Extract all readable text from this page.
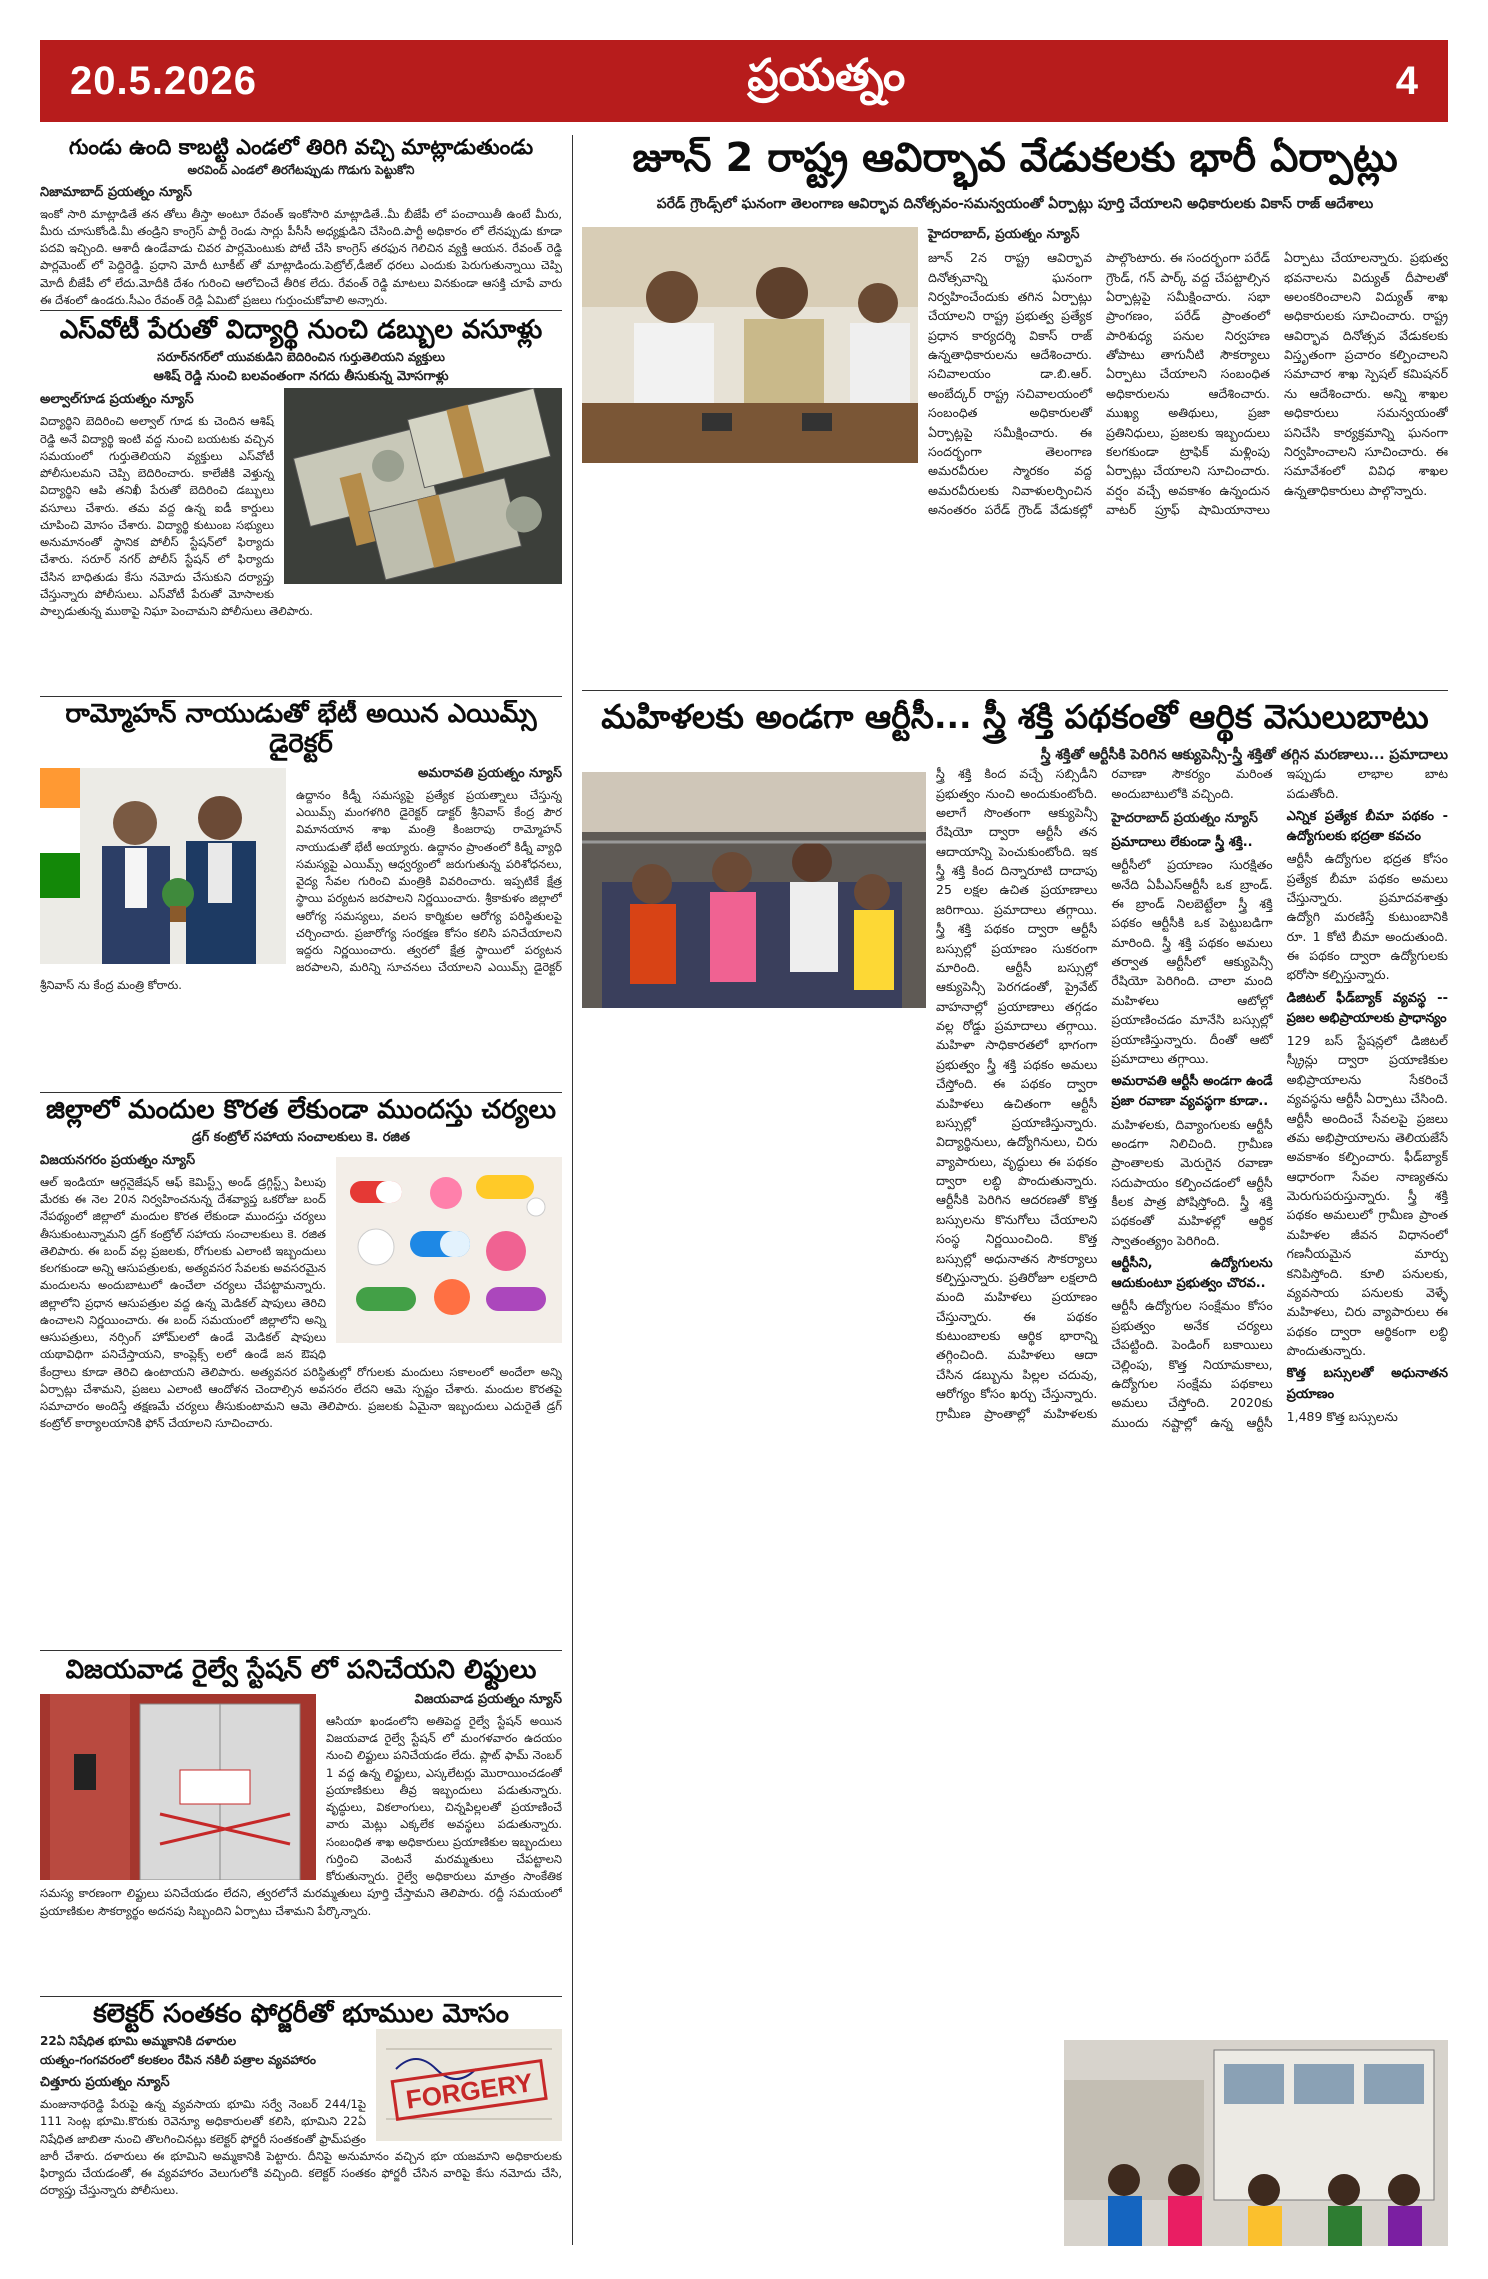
20.5.2026	ప్రయత్నం	4
గుండు ఉంది కాబట్టి ఎండలో తిరిగి వచ్చి మాట్లాడుతుండు
అరవింద్ ఎండలో తిరగేటప్పుడు గొడుగు పెట్టుకోని
నిజామాబాద్ ప్రయత్నం న్యూస్
ఇంకో సారి మాట్లాడితే తన తోలు తీస్తా అంటూ రేవంత్ ఇంకోసారి మాట్లాడితే..మీ బీజేపీ లో పంచాయితీ ఉంటే మీరు, మీరు చూసుకోండి.మీ తండ్రిని కాంగ్రెస్ పార్టీ రెండు సార్లు పీసీసీ అధ్యక్షుడిని చేసింది.పార్టీ అధికారం లో లేనప్పుడు కూడా పదవి ఇచ్చింది. ఆశాదీ ఉండేవాడు చివర పార్లమెంటుకు పోటీ చేసి కాంగ్రెస్ తరఫున గెలిచిన వ్యక్తి ఆయన. రేవంత్ రెడ్డి పార్లమెంట్ లో పెద్దిరెడ్డి. ప్రధాని మోదీ టూకీట్ తో మాట్లాడిందు.పెట్రోల్,డీజిల్ ధరలు ఎందుకు పెరుగుతున్నాయి చెప్పి మోదీ బీజేపీ లో లేదు.మోదీకి దేశం గురించి ఆలోచించే తీరిక లేదు. రేవంత్ రెడ్డి మాటలు వినకుండా ఆసక్తి చూపే వారు ఈ దేశంలో ఉండరు.సీఎం రేవంత్ రెడ్డి ఏమిటో ప్రజలు గుర్తుంచుకోవాలి అన్నారు.
ఎస్‌వోటీ పేరుతో విద్యార్థి నుంచి డబ్బుల వసూళ్లు
సరూర్‌నగర్‌లో యువకుడిని బెదిరించిన గుర్తుతెలియని వ్యక్తులు
ఆశిష్ రెడ్డి నుంచి బలవంతంగా నగదు తీసుకున్న మోసగాళ్లు
అల్వాల్‌గూడ ప్రయత్నం న్యూస్
విద్యార్థిని బెదిరించి అల్వాల్ గూడ కు చెందిన ఆశిష్ రెడ్డి అనే విద్యార్థి ఇంటి వద్ద నుంచి బయటకు వచ్చిన సమయంలో గుర్తుతెలియని వ్యక్తులు ఎస్‌వోటీ పోలీసులమని చెప్పి బెదిరించారు. కాలేజీకి వెళ్తున్న విద్యార్థిని ఆపి తనిఖీ పేరుతో బెదిరించి డబ్బులు వసూలు చేశారు. తమ వద్ద ఉన్న ఐడీ కార్డులు చూపించి మోసం చేశారు. విద్యార్థి కుటుంబ సభ్యులు అనుమానంతో స్థానిక పోలీస్ స్టేషన్‌లో ఫిర్యాదు చేశారు. సరూర్ నగర్ పోలీస్ స్టేషన్ లో ఫిర్యాదు చేసిన బాధితుడు కేసు నమోదు చేసుకుని దర్యాప్తు చేస్తున్నారు పోలీసులు. ఎస్‌వోటీ పేరుతో మోసాలకు పాల్పడుతున్న ముఠాపై నిఘా పెంచామని పోలీసులు తెలిపారు.
రామ్మోహన్ నాయుడుతో భేటీ అయిన ఎయిమ్స్ డైరెక్టర్
అమరావతి ప్రయత్నం న్యూస్
ఉద్దానం కిడ్నీ సమస్యపై ప్రత్యేక ప్రయత్నాలు చేస్తున్న ఎయిమ్స్ మంగళగిరి డైరెక్టర్ డాక్టర్ శ్రీనివాస్ కేంద్ర పౌర విమానయాన శాఖ మంత్రి కింజరాపు రామ్మోహన్ నాయుడుతో భేటీ అయ్యారు. ఉద్దానం ప్రాంతంలో కిడ్నీ వ్యాధి సమస్యపై ఎయిమ్స్ ఆధ్వర్యంలో జరుగుతున్న పరిశోధనలు, వైద్య సేవల గురించి మంత్రికి వివరించారు. ఇప్పటికే క్షేత్ర స్థాయి పర్యటన జరపాలని నిర్ణయించారు. శ్రీకాకుళం జిల్లాలో ఆరోగ్య సమస్యలు, వలస కార్మికుల ఆరోగ్య పరిస్థితులపై చర్చించారు. ప్రజారోగ్య సంరక్షణ కోసం కలిసి పనిచేయాలని ఇద్దరు నిర్ణయించారు. త్వరలో క్షేత్ర స్థాయిలో పర్యటన జరపాలని, మరిన్ని సూచనలు చేయాలని ఎయిమ్స్ డైరెక్టర్ శ్రీనివాస్ ను కేంద్ర మంత్రి కోరారు.
జిల్లాలో మందుల కొరత లేకుండా ముందస్తు చర్యలు
డ్రగ్ కంట్రోల్ సహాయ సంచాలకులు కె. రజిత
విజయనగరం ప్రయత్నం న్యూస్
ఆల్ ఇండియా ఆర్గనైజేషన్ ఆఫ్ కెమిస్ట్స్ అండ్ డ్రగ్గిస్ట్స్ పిలుపు మేరకు ఈ నెల 20న నిర్వహించనున్న దేశవ్యాప్త ఒకరోజు బంద్ నేపథ్యంలో జిల్లాలో మందుల కొరత లేకుండా ముందస్తు చర్యలు తీసుకుంటున్నామని డ్రగ్ కంట్రోల్ సహాయ సంచాలకులు కె. రజిత తెలిపారు. ఈ బంద్ వల్ల ప్రజలకు, రోగులకు ఎలాంటి ఇబ్బందులు కలగకుండా అన్ని ఆసుపత్రులకు, అత్యవసర సేవలకు అవసరమైన మందులను అందుబాటులో ఉంచేలా చర్యలు చేపట్టామన్నారు. జిల్లాలోని ప్రధాన ఆసుపత్రుల వద్ద ఉన్న మెడికల్ షాపులు తెరిచి ఉంచాలని నిర్ణయించారు. ఈ బంద్ సమయంలో జిల్లాలోని అన్ని ఆసుపత్రులు, నర్సింగ్ హోమ్‌లలో ఉండే మెడికల్ షాపులు యథావిధిగా పనిచేస్తాయని, కాంప్లెక్స్ లలో ఉండే జన ఔషధి కేంద్రాలు కూడా తెరిచి ఉంటాయని తెలిపారు. అత్యవసర పరిస్థితుల్లో రోగులకు మందులు సకాలంలో అందేలా అన్ని ఏర్పాట్లు చేశామని, ప్రజలు ఎలాంటి ఆందోళన చెందాల్సిన అవసరం లేదని ఆమె స్పష్టం చేశారు. మందుల కొరతపై సమాచారం అందిస్తే తక్షణమే చర్యలు తీసుకుంటామని ఆమె తెలిపారు. ప్రజలకు ఏమైనా ఇబ్బందులు ఎదురైతే డ్రగ్ కంట్రోల్ కార్యాలయానికి ఫోన్ చేయాలని సూచించారు.
విజయవాడ రైల్వే స్టేషన్ లో పనిచేయని లిఫ్టులు
విజయవాడ ప్రయత్నం న్యూస్
ఆసియా ఖండంలోని అతిపెద్ద రైల్వే స్టేషన్ అయిన విజయవాడ రైల్వే స్టేషన్ లో మంగళవారం ఉదయం నుంచి లిఫ్టులు పనిచేయడం లేదు. ప్లాట్ ఫామ్ నెంబర్ 1 వద్ద ఉన్న లిఫ్టులు, ఎస్కలేటర్లు మొరాయించడంతో ప్రయాణికులు తీవ్ర ఇబ్బందులు పడుతున్నారు. వృద్ధులు, వికలాంగులు, చిన్నపిల్లలతో ప్రయాణించే వారు మెట్లు ఎక్కలేక అవస్థలు పడుతున్నారు. సంబంధిత శాఖ అధికారులు ప్రయాణికుల ఇబ్బందులు గుర్తించి వెంటనే మరమ్మతులు చేపట్టాలని కోరుతున్నారు. రైల్వే అధికారులు మాత్రం సాంకేతిక సమస్య కారణంగా లిఫ్టులు పనిచేయడం లేదని, త్వరలోనే మరమ్మతులు పూర్తి చేస్తామని తెలిపారు. రద్దీ సమయంలో ప్రయాణికుల సౌకర్యార్థం అదనపు సిబ్బందిని ఏర్పాటు చేశామని పేర్కొన్నారు.
కలెక్టర్ సంతకం ఫోర్జరీతో భూముల మోసం
22ఏ నిషేధిత భూమి అమ్మకానికి దళారుల
యత్నం-గంగవరంలో కలకలం రేపిన నకిలీ పత్రాల వ్యవహారం
FORGERY
చిత్తూరు ప్రయత్నం న్యూస్
మంజునాథరెడ్డి పేరుపై ఉన్న వ్యవసాయ భూమి సర్వే నెంబర్ 244/1పై 111 సెంట్ల భూమి.కొరుకు రెవెన్యూ అధికారులతో కలిసి, భూమిని 22ఏ నిషేధిత జాబితా నుంచి తొలగించినట్లు కలెక్టర్ ఫోర్జరీ సంతకంతో ఫ్రామ్‌పత్రం జారీ చేశారు. దళారులు ఈ భూమిని అమ్మకానికి పెట్టారు. దీనిపై అనుమానం వచ్చిన భూ యజమాని అధికారులకు ఫిర్యాదు చేయడంతో, ఈ వ్యవహారం వెలుగులోకి వచ్చింది. కలెక్టర్ సంతకం ఫోర్జరీ చేసిన వారిపై కేసు నమోదు చేసి, దర్యాప్తు చేస్తున్నారు పోలీసులు.
జూన్ 2 రాష్ట్ర ఆవిర్భావ వేడుకలకు భారీ ఏర్పాట్లు
పరేడ్ గ్రౌండ్స్‌లో ఘనంగా తెలంగాణ ఆవిర్భావ దినోత్సవం-సమన్వయంతో ఏర్పాట్లు పూర్తి చేయాలని అధికారులకు వికాస్ రాజ్ ఆదేశాలు
హైదరాబాద్, ప్రయత్నం న్యూస్
జూన్ 2న రాష్ట్ర ఆవిర్భావ దినోత్సవాన్ని ఘనంగా నిర్వహించేందుకు తగిన ఏర్పాట్లు చేయాలని రాష్ట్ర ప్రభుత్వ ప్రత్యేక ప్రధాన కార్యదర్శి వికాస్ రాజ్ ఉన్నతాధికారులను ఆదేశించారు. సచివాలయం డా.బి.ఆర్. అంబేద్కర్ రాష్ట్ర సచివాలయంలో సంబంధిత అధికారులతో ఏర్పాట్లపై సమీక్షించారు. ఈ సందర్భంగా తెలంగాణ అమరవీరుల స్మారకం వద్ద అమరవీరులకు నివాళులర్పించిన అనంతరం పరేడ్ గ్రౌండ్ వేడుకల్లో పాల్గొంటారు. ఈ సందర్భంగా పరేడ్ గ్రౌండ్, గన్ పార్క్ వద్ద చేపట్టాల్సిన ఏర్పాట్లపై సమీక్షించారు. సభా ప్రాంగణం, పరేడ్ ప్రాంతంలో పారిశుధ్య పనుల నిర్వహణ తోపాటు తాగునీటి సౌకర్యాలు ఏర్పాటు చేయాలని సంబంధిత అధికారులను ఆదేశించారు. ముఖ్య అతిథులు, ప్రజా ప్రతినిధులు, ప్రజలకు ఇబ్బందులు కలగకుండా ట్రాఫిక్ మళ్లింపు ఏర్పాట్లు చేయాలని సూచించారు. వర్షం వచ్చే అవకాశం ఉన్నందున వాటర్ ప్రూఫ్ షామియానాలు ఏర్పాటు చేయాలన్నారు. ప్రభుత్వ భవనాలను విద్యుత్ దీపాలతో అలంకరించాలని విద్యుత్ శాఖ అధికారులకు సూచించారు. రాష్ట్ర ఆవిర్భావ దినోత్సవ వేడుకలకు విస్తృతంగా ప్రచారం కల్పించాలని సమాచార శాఖ స్పెషల్ కమిషనర్ ను ఆదేశించారు. అన్ని శాఖల అధికారులు సమన్వయంతో పనిచేసి కార్యక్రమాన్ని ఘనంగా నిర్వహించాలని సూచించారు. ఈ సమావేశంలో వివిధ శాఖల ఉన్నతాధికారులు పాల్గొన్నారు.
మహిళలకు అండగా ఆర్టీసీ... స్త్రీ శక్తి పథకంతో ఆర్థిక వెసులుబాటు
స్త్రీ శక్తితో ఆర్టీసీకి పెరిగిన ఆక్యుపెన్సీ-స్త్రీ శక్తితో తగ్గిన మరణాలు... ప్రమాదాలు

స్త్రీ శక్తి కింద వచ్చే సబ్సిడీని ప్రభుత్వం నుంచి అందుకుంటోంది. అలాగే సొంతంగా ఆక్యుపెన్సీ రేషియో ద్వారా ఆర్టీసీ తన ఆదాయాన్ని పెంచుకుంటోంది. ఇక స్త్రీ శక్తి కింద దిన్నారూటి దాదాపు 25 లక్షల ఉచిత ప్రయాణాలు జరిగాయి. ప్రమాదాలు తగ్గాయి. స్త్రీ శక్తి పథకం ద్వారా ఆర్టీసీ బస్సుల్లో ప్రయాణం సుకరంగా మారింది. ఆర్టీసీ బస్సుల్లో ఆక్యుపెన్సీ పెరగడంతో, ప్రైవేట్ వాహనాల్లో ప్రయాణాలు తగ్గడం వల్ల రోడ్డు ప్రమాదాలు తగ్గాయి. మహిళా సాధికారతలో భాగంగా ప్రభుత్వం స్త్రీ శక్తి పథకం అమలు చేస్తోంది. ఈ పథకం ద్వారా మహిళలు ఉచితంగా ఆర్టీసీ బస్సుల్లో ప్రయాణిస్తున్నారు. విద్యార్థినులు, ఉద్యోగినులు, చిరు వ్యాపారులు, వృద్ధులు ఈ పథకం ద్వారా లబ్ధి పొందుతున్నారు. ఆర్టీసీకి పెరిగిన ఆదరణతో కొత్త బస్సులను కొనుగోలు చేయాలని సంస్థ నిర్ణయించింది. కొత్త బస్సుల్లో అధునాతన సౌకర్యాలు కల్పిస్తున్నారు. ప్రతిరోజూ లక్షలాది మంది మహిళలు ప్రయాణం చేస్తున్నారు. ఈ పథకం కుటుంబాలకు ఆర్థిక భారాన్ని తగ్గించింది. మహిళలు ఆదా చేసిన డబ్బును పిల్లల చదువు, ఆరోగ్యం కోసం ఖర్చు చేస్తున్నారు. గ్రామీణ ప్రాంతాల్లో మహిళలకు రవాణా సౌకర్యం మరింత అందుబాటులోకి వచ్చింది.

హైదరాబాద్ ప్రయత్నం న్యూస్
ప్రమాదాలు లేకుండా స్త్రీ శక్తి..

ఆర్టీసీలో ప్రయాణం సురక్షితం అనేది ఏపీఎస్ఆర్టీసీ ఒక బ్రాండ్. ఈ బ్రాండ్ నిలబెట్టేలా స్త్రీ శక్తి పథకం ఆర్టీసీకి ఒక పెట్టుబడిగా మారింది. స్త్రీ శక్తి పథకం అమలు తర్వాత ఆర్టీసీలో ఆక్యుపెన్సీ రేషియో పెరిగింది. చాలా మంది మహిళలు ఆటోల్లో ప్రయాణించడం మానేసి బస్సుల్లో ప్రయాణిస్తున్నారు. దీంతో ఆటో ప్రమాదాలు తగ్గాయి.

అమరావతి ఆర్టీసీ అండగా ఉండే ప్రజా రవాణా వ్యవస్థగా కూడా..

మహిళలకు, దివ్యాంగులకు ఆర్టీసీ అండగా నిలిచింది. గ్రామీణ ప్రాంతాలకు మెరుగైన రవాణా సదుపాయం కల్పించడంలో ఆర్టీసీ కీలక పాత్ర పోషిస్తోంది. స్త్రీ శక్తి పథకంతో మహిళల్లో ఆర్థిక స్వాతంత్య్రం పెరిగింది.

ఆర్టీసీని, ఉద్యోగులను ఆదుకుంటూ ప్రభుత్వం చొరవ..

ఆర్టీసీ ఉద్యోగుల సంక్షేమం కోసం ప్రభుత్వం అనేక చర్యలు చేపట్టింది. పెండింగ్ బకాయిలు చెల్లింపు, కొత్త నియామకాలు, ఉద్యోగుల సంక్షేమ పథకాలు అమలు చేస్తోంది. 2020కు ముందు నష్టాల్లో ఉన్న ఆర్టీసీ ఇప్పుడు లాభాల బాట పడుతోంది.

ఎన్నిక ప్రత్యేక బీమా పథకం - ఉద్యోగులకు భద్రతా కవచం

ఆర్టీసీ ఉద్యోగుల భద్రత కోసం ప్రత్యేక బీమా పథకం అమలు చేస్తున్నారు. ప్రమాదవశాత్తు ఉద్యోగి మరణిస్తే కుటుంబానికి రూ. 1 కోటి బీమా అందుతుంది. ఈ పథకం ద్వారా ఉద్యోగులకు భరోసా కల్పిస్తున్నారు.

డిజిటల్ ఫీడ్‌బ్యాక్ వ్యవస్థ -- ప్రజల అభిప్రాయాలకు ప్రాధాన్యం

129 బస్ స్టేషన్లలో డిజిటల్ స్క్రీన్లు ద్వారా ప్రయాణికుల అభిప్రాయాలను సేకరించే వ్యవస్థను ఆర్టీసీ ఏర్పాటు చేసింది. ఆర్టీసీ అందించే సేవలపై ప్రజలు తమ అభిప్రాయాలను తెలియజేసే అవకాశం కల్పించారు. ఫీడ్‌బ్యాక్ ఆధారంగా సేవల నాణ్యతను మెరుగుపరుస్తున్నారు. స్త్రీ శక్తి పథకం అమలులో గ్రామీణ ప్రాంత మహిళల జీవన విధానంలో గణనీయమైన మార్పు కనిపిస్తోంది. కూలి పనులకు, వ్యవసాయ పనులకు వెళ్ళే మహిళలు, చిరు వ్యాపారులు ఈ పథకం ద్వారా ఆర్థికంగా లబ్ధి పొందుతున్నారు.

కొత్త బస్సులతో అధునాతన ప్రయాణం

1,489 కొత్త బస్సులను
